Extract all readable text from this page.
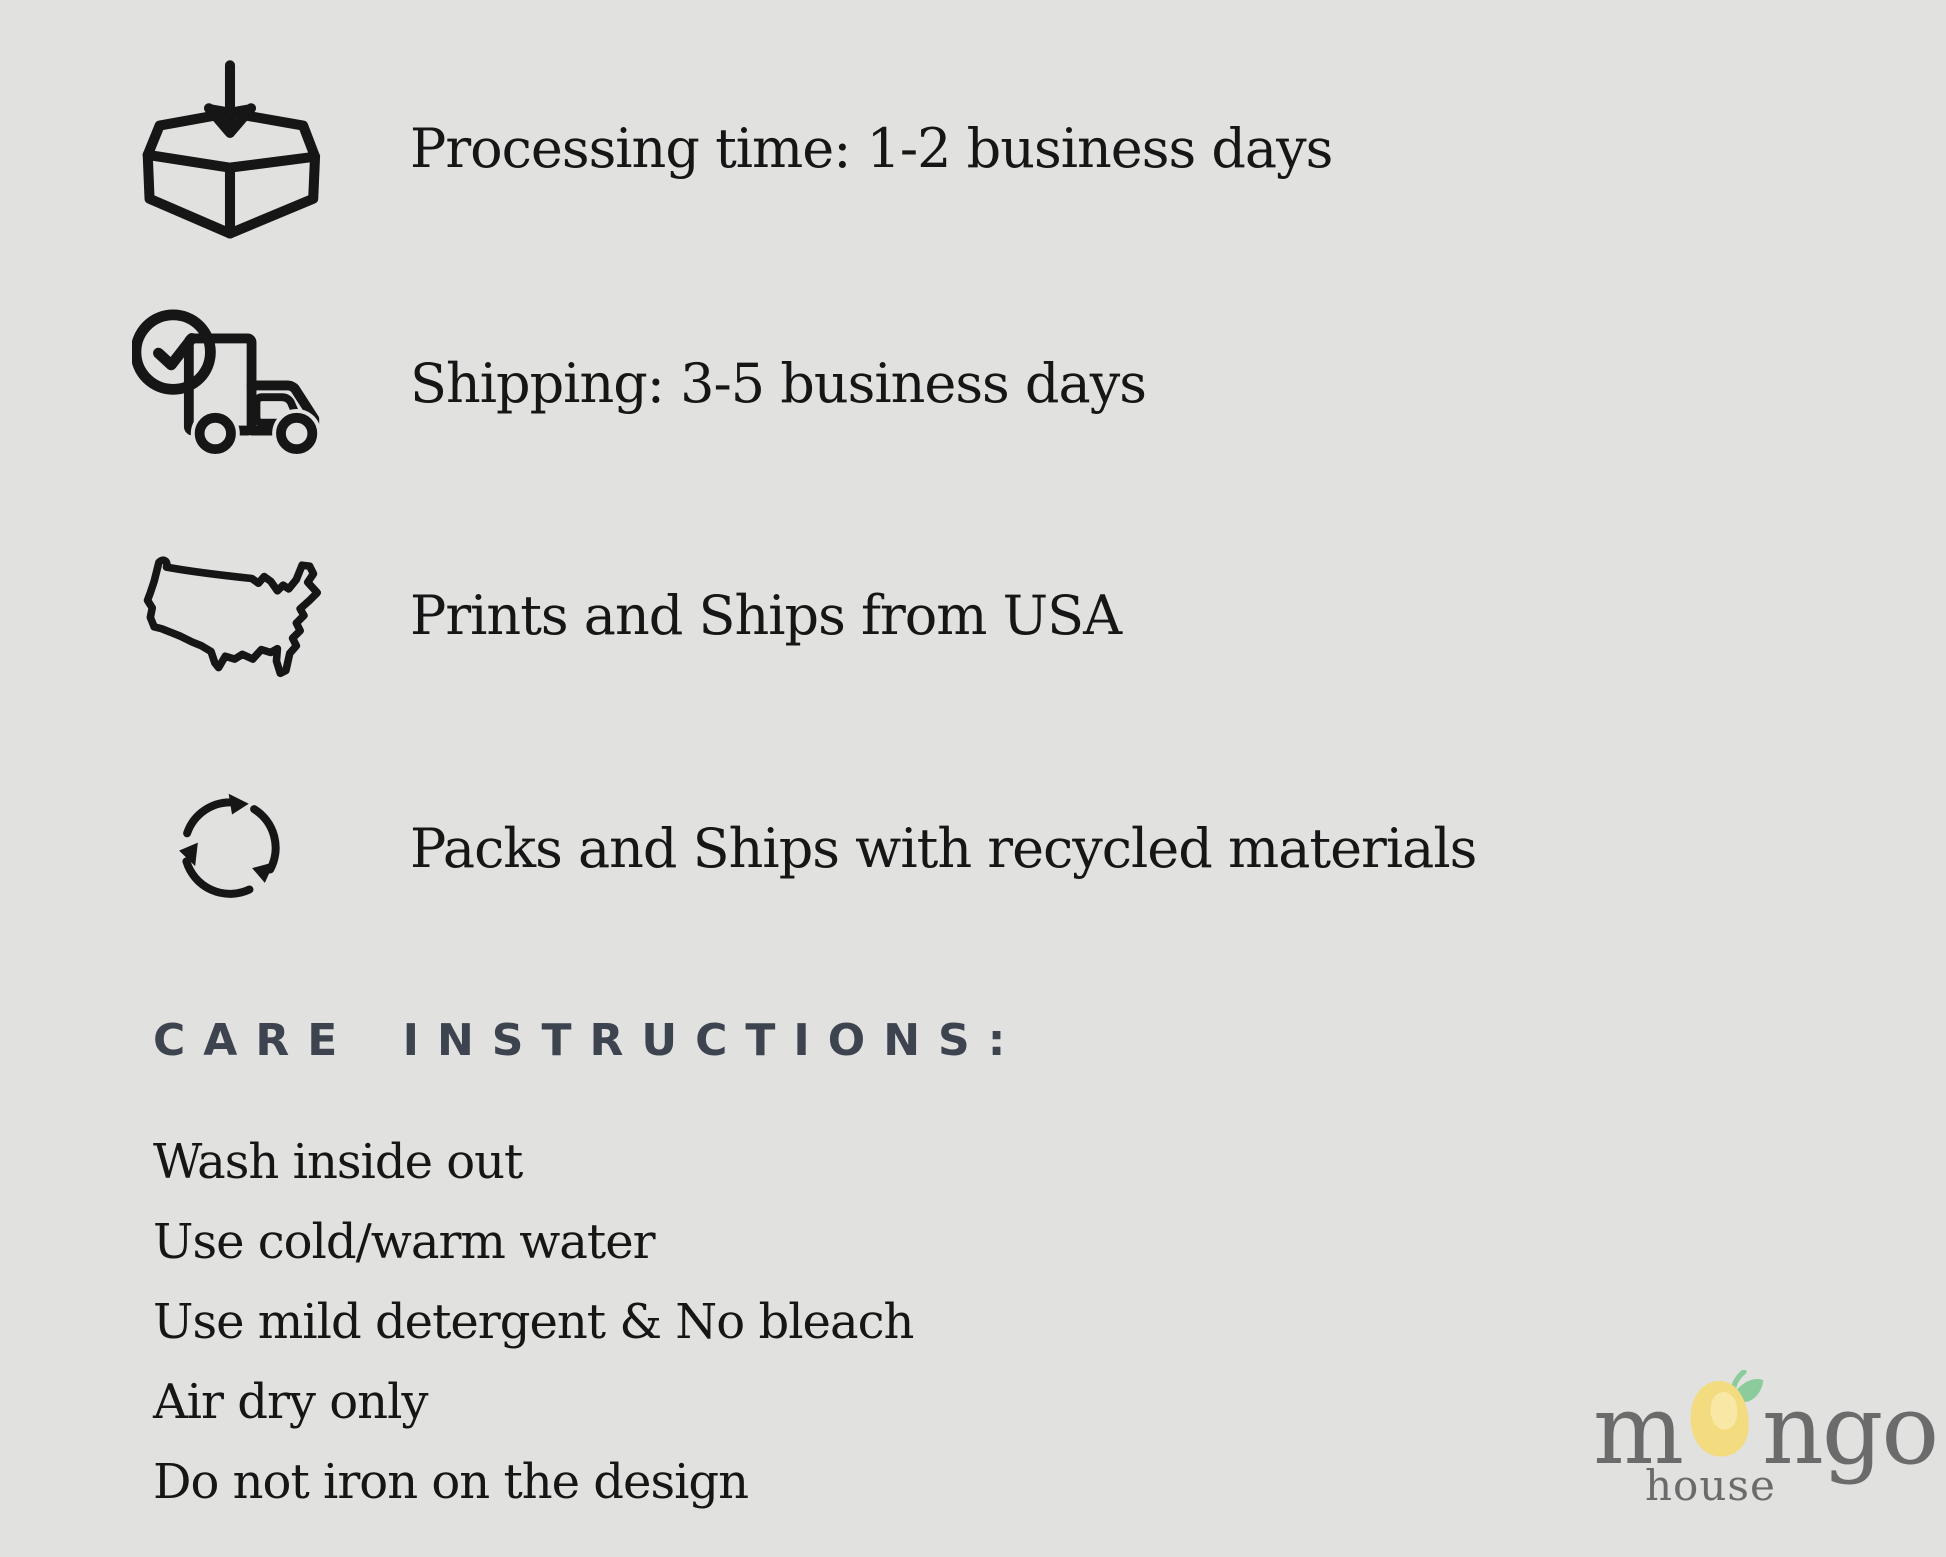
Processing time: 1-2 business days
Shipping: 3-5 business days
Prints and Ships from USA
Packs and Ships with recycled materials
CARE INSTRUCTIONS:
Wash inside out
Use cold/warm water
Use mild detergent & No bleach
Air dry only
Do not iron on the design	m ngo
house
